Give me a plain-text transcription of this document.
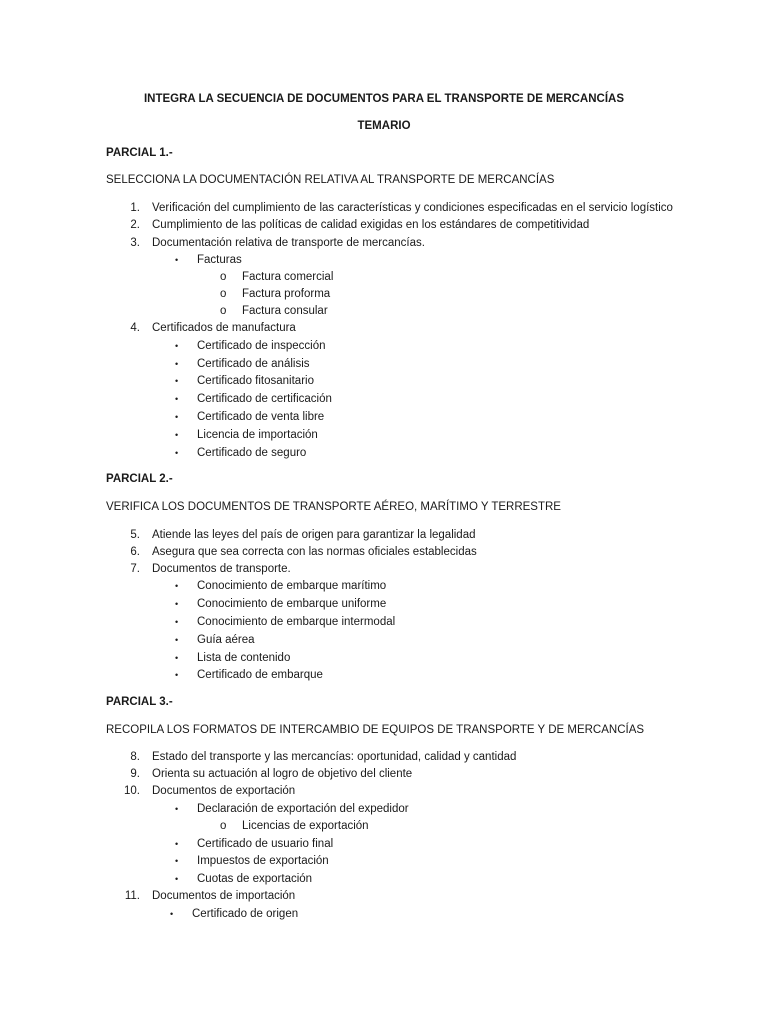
INTEGRA LA SECUENCIA DE DOCUMENTOS PARA EL TRANSPORTE DE MERCANCÍAS
TEMARIO
PARCIAL 1.-
SELECCIONA LA DOCUMENTACIÓN RELATIVA AL TRANSPORTE DE MERCANCÍAS
1. Verificación del cumplimiento de las características y condiciones especificadas en el servicio logístico
2. Cumplimiento de las políticas de calidad exigidas en los estándares de competitividad
3. Documentación relativa de transporte de mercancías.
• Facturas
o Factura comercial
o Factura proforma
o Factura consular
4. Certificados de manufactura
• Certificado de inspección
• Certificado de análisis
• Certificado fitosanitario
• Certificado de certificación
• Certificado de venta libre
• Licencia de importación
• Certificado de seguro
PARCIAL 2.-
VERIFICA LOS DOCUMENTOS DE TRANSPORTE AÉREO, MARÍTIMO Y TERRESTRE
5. Atiende las leyes del país de origen para garantizar la legalidad
6. Asegura que sea correcta con las normas oficiales establecidas
7. Documentos de transporte.
• Conocimiento de embarque marítimo
• Conocimiento de embarque uniforme
• Conocimiento de embarque intermodal
• Guía aérea
• Lista de contenido
• Certificado de embarque
PARCIAL 3.-
RECOPILA LOS FORMATOS DE INTERCAMBIO DE EQUIPOS DE TRANSPORTE Y DE MERCANCÍAS
8. Estado del transporte y las mercancías: oportunidad, calidad y cantidad
9. Orienta su actuación al logro de objetivo del cliente
10. Documentos de exportación
• Declaración de exportación del expedidor
o Licencias de exportación
• Certificado de usuario final
• Impuestos de exportación
• Cuotas de exportación
11. Documentos de importación
• Certificado de origen
